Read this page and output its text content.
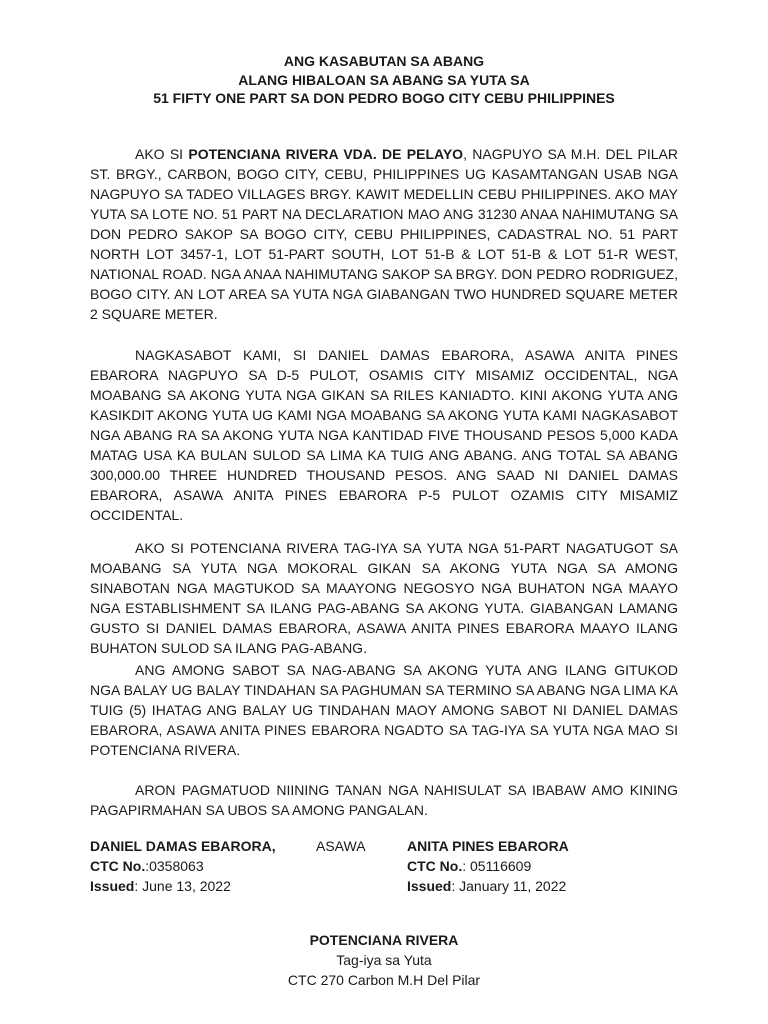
ANG KASABUTAN SA ABANG
ALANG HIBALOAN SA ABANG SA YUTA SA
51 FIFTY ONE PART SA DON PEDRO BOGO CITY CEBU PHILIPPINES

AKO SI POTENCIANA RIVERA VDA. DE PELAYO, NAGPUYO SA M.H. DEL PILAR ST. BRGY., CARBON, BOGO CITY, CEBU, PHILIPPINES UG KASAMTANGAN USAB NGA NAGPUYO SA TADEO VILLAGES BRGY. KAWIT MEDELLIN CEBU PHILIPPINES. AKO MAY YUTA SA LOTE NO. 51 PART NA DECLARATION MAO ANG 31230 ANAA NAHIMUTANG SA DON PEDRO SAKOP SA BOGO CITY, CEBU PHILIPPINES, CADASTRAL NO. 51 PART NORTH LOT 3457-1, LOT 51-PART SOUTH, LOT 51-B & LOT 51-B & LOT 51-R WEST, NATIONAL ROAD. NGA ANAA NAHIMUTANG SAKOP SA BRGY. DON PEDRO RODRIGUEZ, BOGO CITY. AN LOT AREA SA YUTA NGA GIABANGAN TWO HUNDRED SQUARE METER 2 SQUARE METER.

NAGKASABOT KAMI, SI DANIEL DAMAS EBARORA, ASAWA ANITA PINES EBARORA NAGPUYO SA D-5 PULOT, OSAMIS CITY MISAMIZ OCCIDENTAL, NGA MOABANG SA AKONG YUTA NGA GIKAN SA RILES KANIADTO. KINI AKONG YUTA ANG KASIKDIT AKONG YUTA UG KAMI NGA MOABANG SA AKONG YUTA KAMI NAGKASABOT NGA ABANG RA SA AKONG YUTA NGA KANTIDAD FIVE THOUSAND PESOS 5,000 KADA MATAG USA KA BULAN SULOD SA LIMA KA TUIG ANG ABANG. ANG TOTAL SA ABANG 300,000.00 THREE HUNDRED THOUSAND PESOS. ANG SAAD NI DANIEL DAMAS EBARORA, ASAWA ANITA PINES EBARORA P-5 PULOT OZAMIS CITY MISAMIZ OCCIDENTAL.

AKO SI POTENCIANA RIVERA TAG-IYA SA YUTA NGA 51-PART NAGATUGOT SA MOABANG SA YUTA NGA MOKORAL GIKAN SA AKONG YUTA NGA SA AMONG SINABOTAN NGA MAGTUKOD SA MAAYONG NEGOSYO NGA BUHATON NGA MAAYO NGA ESTABLISHMENT SA ILANG PAG-ABANG SA AKONG YUTA. GIABANGAN LAMANG GUSTO SI DANIEL DAMAS EBARORA, ASAWA ANITA PINES EBARORA MAAYO ILANG BUHATON SULOD SA ILANG PAG-ABANG.

ANG AMONG SABOT SA NAG-ABANG SA AKONG YUTA ANG ILANG GITUKOD NGA BALAY UG BALAY TINDAHAN SA PAGHUMAN SA TERMINO SA ABANG NGA LIMA KA TUIG (5) IHATAG ANG BALAY UG TINDAHAN MAOY AMONG SABOT NI DANIEL DAMAS EBARORA, ASAWA ANITA PINES EBARORA NGADTO SA TAG-IYA SA YUTA NGA MAO SI POTENCIANA RIVERA.

ARON PAGMATUOD NIINING TANAN NGA NAHISULAT SA IBABAW AMO KINING PAGAPIRMAHAN SA UBOS SA AMONG PANGALAN.

DANIEL DAMAS EBARORA,
CTC No.:0358063
Issued: June 13, 2022
ASAWA	ANITA PINES EBARORA
CTC No.: 05116609
Issued: January 11, 2022
POTENCIANA RIVERA
Tag-iya sa Yuta
CTC 270 Carbon M.H Del Pilar
